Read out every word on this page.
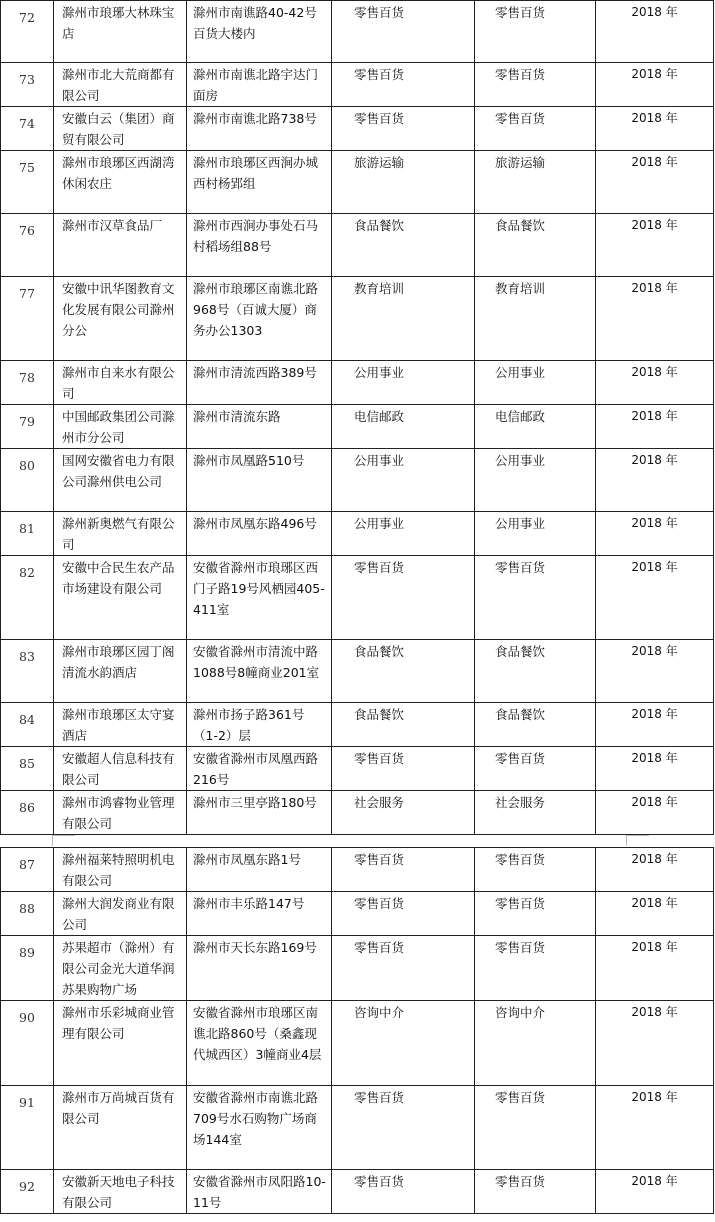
72	滁州市琅琊大林珠宝店	滁州市南谯路40-42号百货大楼内	零售百货	零售百货	2018 年
73	滁州市北大荒商都有限公司	滁州市南谯北路宇达门面房	零售百货	零售百货	2018 年
74	安徽白云（集团）商贸有限公司	滁州市南谯北路738号	零售百货	零售百货	2018 年
75	滁州市琅琊区西湖湾休闲农庄	滁州市琅琊区西涧办城西村杨郢组	旅游运输	旅游运输	2018 年
76	滁州市汉草食品厂	滁州市西涧办事处石马村稻场组88号	食品餐饮	食品餐饮	2018 年
77	安徽中讯华图教育文化发展有限公司滁州分公	滁州市琅琊区南谯北路968号（百诚大厦）商务办公1303	教育培训	教育培训	2018 年
78	滁州市自来水有限公司	滁州市清流西路389号	公用事业	公用事业	2018 年
79	中国邮政集团公司滁州市分公司	滁州市清流东路	电信邮政	电信邮政	2018 年
80	国网安徽省电力有限公司滁州供电公司	滁州市凤凰路510号	公用事业	公用事业	2018 年
81	滁州新奥燃气有限公司	滁州市凤凰东路496号	公用事业	公用事业	2018 年
82	安徽中合民生农产品市场建设有限公司	安徽省滁州市琅琊区西门子路19号风栖园405-411室	零售百货	零售百货	2018 年
83	滁州市琅琊区园丁阁清流水韵酒店	安徽省滁州市清流中路1088号8幢商业201室	食品餐饮	食品餐饮	2018 年
84	滁州市琅琊区太守宴酒店	滁州市扬子路361号（1-2）层	食品餐饮	食品餐饮	2018 年
85	安徽超人信息科技有限公司	安徽省滁州市凤凰西路216号	零售百货	零售百货	2018 年
86	滁州市鸿睿物业管理有限公司	滁州市三里亭路180号	社会服务	社会服务	2018 年
87	滁州福莱特照明机电有限公司	滁州市凤凰东路1号	零售百货	零售百货	2018 年
88	滁州大润发商业有限公司	滁州市丰乐路147号	零售百货	零售百货	2018 年
89	苏果超市（滁州）有限公司金光大道华润苏果购物广场	滁州市天长东路169号	零售百货	零售百货	2018 年
90	滁州市乐彩城商业管理有限公司	安徽省滁州市琅琊区南谯北路860号（桑鑫现代城西区）3幢商业4层	咨询中介	咨询中介	2018 年
91	滁州市万尚城百货有限公司	安徽省滁州市南谯北路709号水石购物广场商场144室	零售百货	零售百货	2018 年
92	安徽新天地电子科技有限公司	安徽省滁州市凤阳路10-11号	零售百货	零售百货	2018 年
